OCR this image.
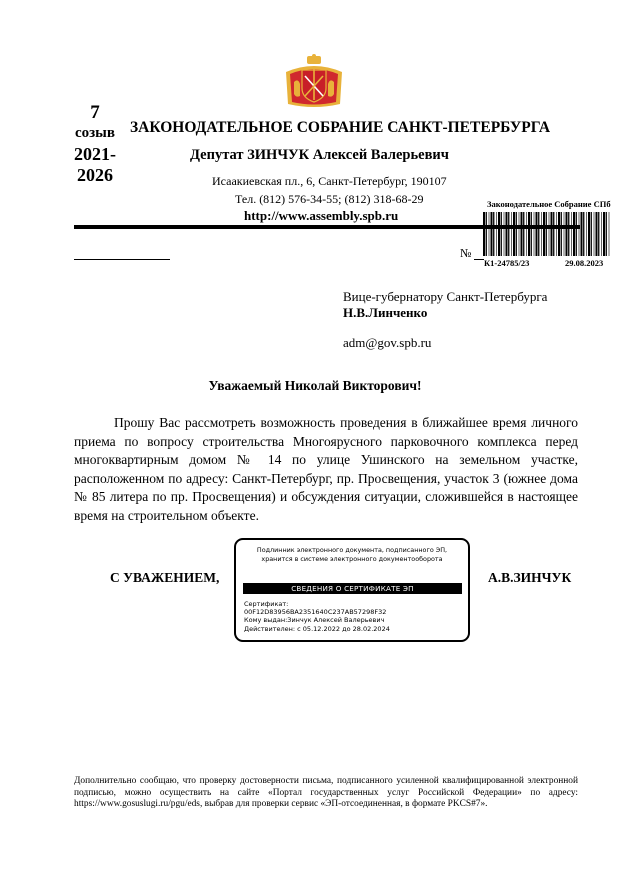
7
созыв
2021-
2026
ЗАКОНОДАТЕЛЬНОЕ СОБРАНИЕ САНКТ-ПЕТЕРБУРГА
Депутат ЗИНЧУК Алексей Валерьевич
Исаакиевская пл., 6, Санкт-Петербург, 190107
Тел. (812) 576-34-55; (812) 318-68-29
http://www.assembly.spb.ru
Законодательное Собрание СПб
К1-24785/23	29.08.2023
№
Вице-губернатору Санкт-Петербурга
Н.В.Линченко
adm@gov.spb.ru
Уважаемый Николай Викторович!
Прошу Вас рассмотреть возможность проведения в ближайшее время личного
приема по вопросу строительства Многоярусного парковочного комплекса перед
многоквартирным домом № 14 по улице Ушинского на земельном участке,
расположенном по адресу: Санкт-Петербург, пр. Просвещения, участок 3 (южнее дома
№ 85 литера по пр. Просвещения) и обсуждения ситуации, сложившейся в настоящее
время на строительном объекте.
С УВАЖЕНИЕМ,	А.В.ЗИНЧУК
Подлинник электронного документа, подписанного ЭП,
хранится в системе электронного документооборота
СВЕДЕНИЯ О СЕРТИФИКАТЕ ЭП
Сертификат:
00F12D83956BA2351640C237AB57298F32
Кому выдан:Зинчук Алексей Валерьевич
Действителен: с 05.12.2022 до 28.02.2024
Дополнительно сообщаю, что проверку достоверности письма, подписанного усиленной квалифицированной электронной
подписью, можно осуществить на сайте «Портал государственных услуг Российской Федерации» по адресу:
https://www.gosuslugi.ru/pgu/eds, выбрав для проверки сервис «ЭП-отсоединенная, в формате PKCS#7».
